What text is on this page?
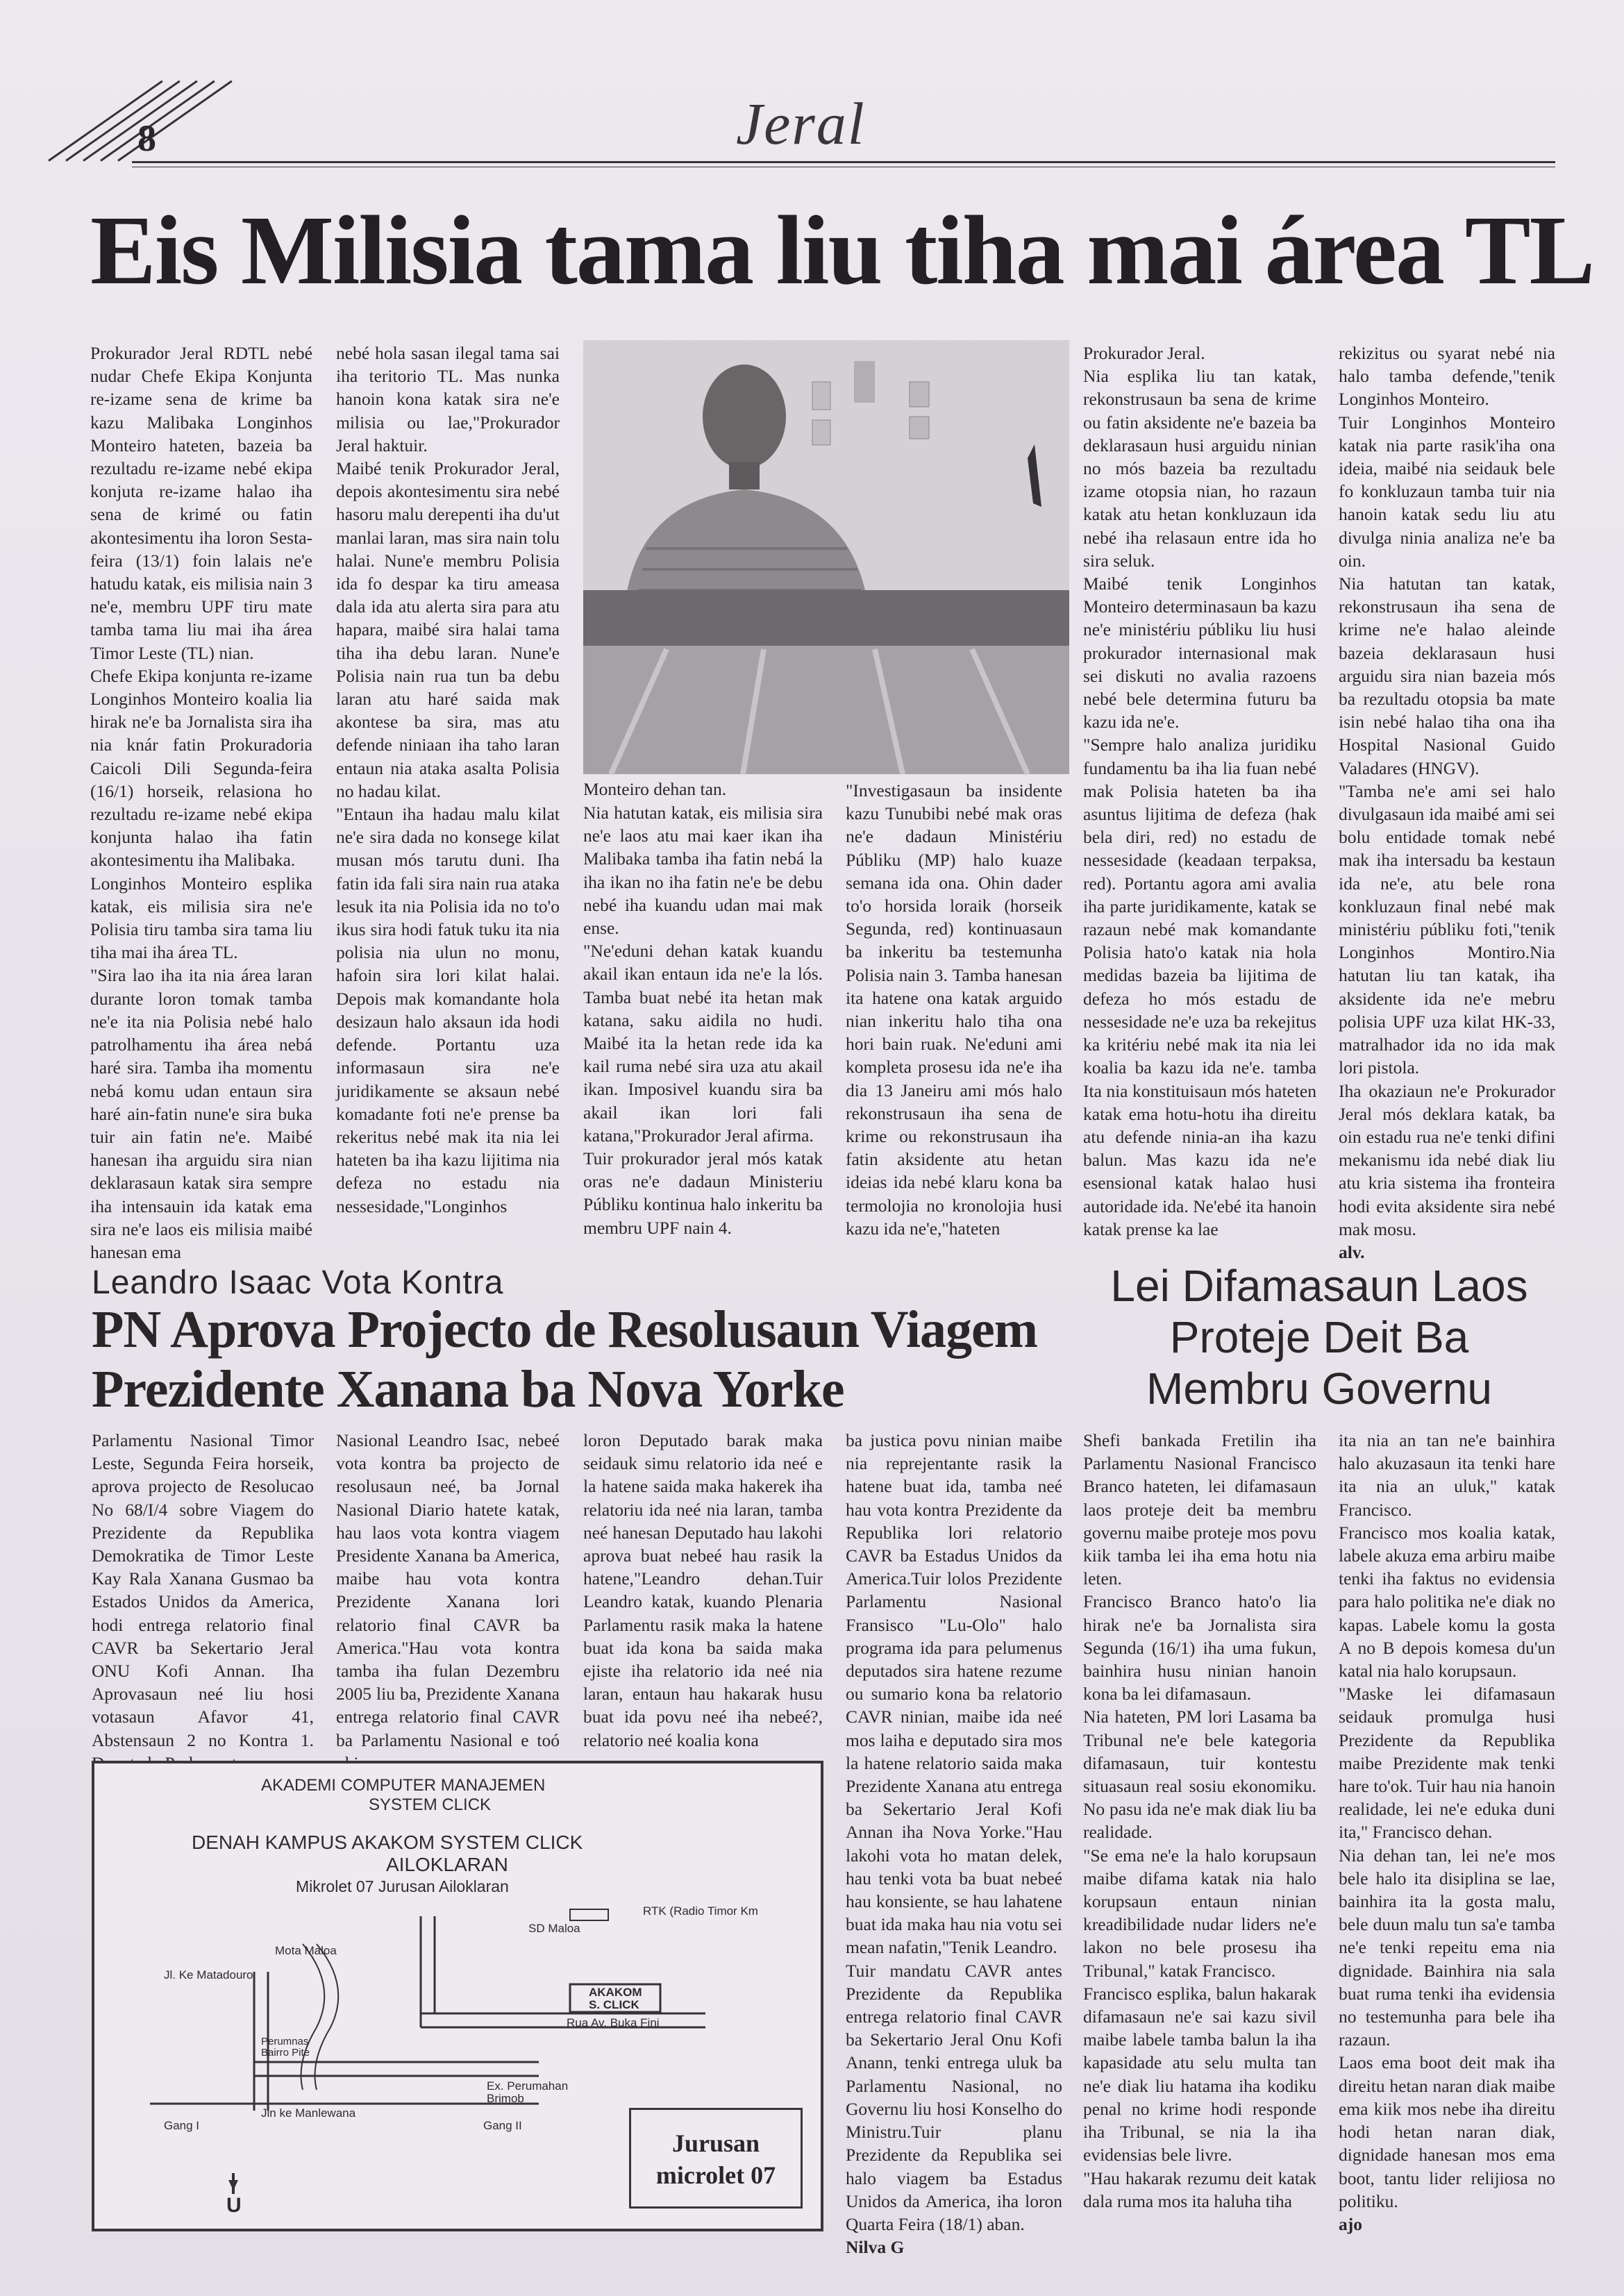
8	Jeral
Eis Milisia tama liu tiha mai área TL

Prokurador Jeral RDTL nebé nudar Chefe Ekipa Konjunta re-izame sena de krime ba kazu Malibaka Longinhos Monteiro hateten, bazeia ba rezultadu re-izame nebé ekipa konjuta re-izame halao iha sena de krimé ou fatin akontesimentu iha loron Sesta-feira (13/1) foin lalais ne'e hatudu katak, eis milisia nain 3 ne'e, membru UPF tiru mate tamba tama liu mai iha área Timor Leste (TL) nian.
Chefe Ekipa konjunta re-izame Longinhos Monteiro koalia lia hirak ne'e ba Jornalista sira iha nia knár fatin Prokuradoria Caicoli Dili Segunda-feira (16/1) horseik, relasiona ho rezultadu re-izame nebé ekipa konjunta halao iha fatin akontesimentu iha Malibaka.
Longinhos Monteiro esplika katak, eis milisia sira ne'e Polisia tiru tamba sira tama liu tiha mai iha área TL.
"Sira lao iha ita nia área laran durante loron tomak tamba ne'e ita nia Polisia nebé halo patrolhamentu iha área nebá haré sira. Tamba iha momentu nebá komu udan entaun sira haré ain-fatin nune'e sira buka tuir ain fatin ne'e. Maibé hanesan iha arguidu sira nian deklarasaun katak sira sempre iha intensauin ida katak ema sira ne'e laos eis milisia maibé hanesan ema

nebé hola sasan ilegal tama sai iha teritorio TL. Mas nunka hanoin kona katak sira ne'e milisia ou lae,"Prokurador Jeral haktuir.
Maibé tenik Prokurador Jeral, depois akontesimentu sira nebé hasoru malu derepenti iha du'ut manlai laran, mas sira nain tolu halai. Nune'e membru Polisia ida fo despar ka tiru ameasa dala ida atu alerta sira para atu hapara, maibé sira halai tama tiha iha debu laran. Nune'e Polisia nain rua tun ba debu laran atu haré saida mak akontese ba sira, mas atu defende niniaan iha taho laran entaun nia ataka asalta Polisia no hadau kilat.
"Entaun iha hadau malu kilat ne'e sira dada no konsege kilat musan mós tarutu duni. Iha fatin ida fali sira nain rua ataka lesuk ita nia Polisia ida no to'o ikus sira hodi fatuk tuku ita nia polisia nia ulun no monu, hafoin sira lori kilat halai. Depois mak komandante hola desizaun halo aksaun ida hodi defende. Portantu uza informasaun sira ne'e juridikamente se aksaun nebé komadante foti ne'e prense ba rekeritus nebé mak ita nia lei hateten ba iha kazu lijitima nia defeza no estadu nia nessesidade,"Longinhos

Monteiro dehan tan.

Nia hatutan katak, eis milisia sira ne'e laos atu mai kaer ikan iha Malibaka tamba iha fatin nebá la iha ikan no iha fatin ne'e be debu nebé iha kuandu udan mai mak ense.
"Ne'eduni dehan katak kuandu akail ikan entaun ida ne'e la lós. Tamba buat nebé ita hetan mak katana, saku aidila no hudi. Maibé ita la hetan rede ida ka kail ruma nebé sira uza atu akail ikan. Imposivel kuandu sira ba akail ikan lori fali katana,"Prokurador Jeral afirma.
Tuir prokurador jeral mós katak oras ne'e dadaun Ministeriu Públiku kontinua halo inkeritu ba membru UPF nain 4.

"Investigasaun ba insidente kazu Tunubibi nebé mak oras ne'e dadaun Ministériu Públiku (MP) halo kuaze semana ida ona. Ohin dader to'o horsida loraik (horseik Segunda, red) kontinuasaun ba inkeritu ba testemunha Polisia nain 3. Tamba hanesan ita hatene ona katak arguido nian inkeritu halo tiha ona hori bain ruak. Ne'eduni ami kompleta prosesu ida ne'e iha dia 13 Janeiru ami mós halo rekonstrusaun iha sena de krime ou rekonstrusaun iha fatin aksidente atu hetan ideias ida nebé klaru kona ba termolojia no kronolojia husi kazu ida ne'e,"hateten

Prokurador Jeral.
Nia esplika liu tan katak, rekonstrusaun ba sena de krime ou fatin aksidente ne'e bazeia ba deklarasaun husi arguidu ninian no mós bazeia ba rezultadu izame otopsia nian, ho razaun katak atu hetan konkluzaun ida nebé iha relasaun entre ida ho sira seluk.
Maibé tenik Longinhos Monteiro determinasaun ba kazu ne'e ministériu públiku liu husi prokurador internasional mak sei diskuti no avalia razoens nebé bele determina futuru ba kazu ida ne'e.
"Sempre halo analiza juridiku fundamentu ba iha lia fuan nebé mak Polisia hateten ba iha asuntus lijitima de defeza (hak bela diri, red) no estadu de nessesidade (keadaan terpaksa, red). Portantu agora ami avalia iha parte juridikamente, katak se razaun nebé mak komandante Polisia hato'o katak nia hola medidas bazeia ba lijitima de defeza ho mós estadu de nessesidade ne'e uza ba rekejitus ka kritériu nebé mak ita nia lei koalia ba kazu ida ne'e. tamba Ita nia konstituisaun mós hateten katak ema hotu-hotu iha direitu atu defende ninia-an iha kazu balun. Mas kazu ida ne'e esensional katak halao husi autoridade ida. Ne'ebé ita hanoin katak prense ka lae

rekizitus ou syarat nebé nia halo tamba defende,"tenik Longinhos Monteiro.
Tuir Longinhos Monteiro katak nia parte rasik'iha ona ideia, maibé nia seidauk bele fo konkluzaun tamba tuir nia hanoin katak sedu liu atu divulga ninia analiza ne'e ba oin.
Nia hatutan tan katak, rekonstrusaun iha sena de krime ne'e halao aleinde bazeia deklarasaun husi arguidu sira nian bazeia mós ba rezultadu otopsia ba mate isin nebé halao tiha ona iha Hospital Nasional Guido Valadares (HNGV).
"Tamba ne'e ami sei halo divulgasaun ida maibé ami sei bolu entidade tomak nebé mak iha intersadu ba kestaun ida ne'e, atu bele rona konkluzaun final nebé mak ministériu públiku foti,"tenik Longinhos Montiro.Nia hatutan liu tan katak, iha aksidente ida ne'e mebru polisia UPF uza kilat HK-33, matralhador ida no ida mak lori pistola.
Iha okaziaun ne'e Prokurador Jeral mós deklara katak, ba oin estadu rua ne'e tenki difini mekanismu ida nebé diak liu atu kria sistema iha fronteira hodi evita aksidente sira nebé mak mosu.

alv.
Leandro Isaac Vota Kontra
PN Aprova Projecto de Resolusaun Viagem Prezidente Xanana ba Nova Yorke

Parlamentu Nasional Timor Leste, Segunda Feira horseik, aprova projecto de Resolucao No 68/I/4 sobre Viagem do Prezidente da Republika Demokratika de Timor Leste Kay Rala Xanana Gusmao ba Estados Unidos da America, hodi entrega relatorio final CAVR ba Sekertario Jeral ONU Kofi Annan. Iha Aprovasaun neé liu hosi votasaun Afavor 41, Abstensaun 2 no Kontra 1.

Nasional Leandro Isac, nebeé vota kontra ba projecto de resolusaun neé, ba Jornal Nasional Diario hatete katak, hau laos vota kontra viagem Presidente Xanana ba America, maibe hau vota kontra Prezidente Xanana lori relatorio final CAVR ba America."Hau vota kontra tamba iha fulan Dezembru 2005 liu ba, Prezidente Xanana entrega relatorio final CAVR ba Parlamentu Nasional e toó

loron Deputado barak maka seidauk simu relatorio ida neé e la hatene saida maka hakerek iha relatoriu ida neé nia laran, tamba neé hanesan Deputado hau lakohi aprova buat nebeé hau rasik la hatene,"Leandro dehan.Tuir Leandro katak, kuando Plenaria Parlamentu rasik maka la hatene buat ida kona ba saida maka ejiste iha relatorio ida neé nia laran, entaun hau hakarak husu buat ida povu neé iha nebeé?, relatorio neé koalia kona

ba justica povu ninian maibe nia reprejentante rasik la hatene buat ida, tamba neé hau vota kontra Prezidente da Republika lori relatorio CAVR ba Estadus Unidos da America.Tuir lolos Prezidente Parlamentu Nasional Fransisco "Lu-Olo" halo programa ida para pelumenus deputados sira hatene rezume ou sumario kona ba relatorio CAVR ninian, maibe ida neé mos laiha e deputado sira mos la hatene relatorio saida maka Prezidente Xanana atu entrega ba Sekertario Jeral Kofi Annan iha Nova Yorke."Hau lakohi vota ho matan delek, hau tenki vota ba buat nebeé hau konsiente, se hau lahatene buat ida maka hau nia votu sei mean nafatin,"Tenik Leandro.
Tuir mandatu CAVR antes Prezidente da Republika entrega relatorio final CAVR ba Sekertario Jeral Onu Kofi Anann, tenki entrega uluk ba Parlamentu Nasional, no Governu liu hosi Konselho do Ministru.Tuir planu Prezidente da Republika sei halo viagem ba Estadus Unidos da America, iha loron Quarta Feira (18/1) aban.

Nilva G
AKADEMI COMPUTER MANAJEMEN
SYSTEM CLICK
DENAH KAMPUS AKAKOM SYSTEM CLICK
AILOKLARAN
Mikrolet 07 Jurusan Ailoklaran
RTK (Radio Timor Km
SD Maloa
Mota Maloa
Jl. Ke Matadouro
AKAKOM
S. CLICK
Rua Av. Buka Fini
Perumnas
Bairro Pite
Ex. Perumahan
Brimob
Jln ke Manlewana
Gang I	Gang II
U
Jurusan
microlet 07
Lei Difamasaun Laos Proteje Deit Ba Membru Governu

Shefi bankada Fretilin iha Parlamentu Nasional Francisco Branco hateten, lei difamasaun laos proteje deit ba membru governu maibe proteje mos povu kiik tamba lei iha ema hotu nia leten.
Francisco Branco hato'o lia hirak ne'e ba Jornalista sira Segunda (16/1) iha uma fukun, bainhira husu ninian hanoin kona ba lei difamasaun.
Nia hateten, PM lori Lasama ba Tribunal ne'e bele kategoria difamasaun, tuir kontestu situasaun real sosiu ekonomiku. No pasu ida ne'e mak diak liu ba realidade.
"Se ema ne'e la halo korupsaun maibe difama katak nia halo korupsaun entaun ninian kreadibilidade nudar liders ne'e lakon no bele prosesu iha Tribunal," katak Francisco.
Francisco esplika, balun hakarak difamasaun ne'e sai kazu sivil maibe labele tamba balun la iha kapasidade atu selu multa tan ne'e diak liu hatama iha kodiku penal no krime hodi responde iha Tribunal, se nia la iha evidensias bele livre.
"Hau hakarak rezumu deit katak dala ruma mos ita haluha tiha

ita nia an tan ne'e bainhira halo akuzasaun ita tenki hare ita nia an uluk," katak Francisco.
Francisco mos koalia katak, labele akuza ema arbiru maibe tenki iha faktus no evidensia para halo politika ne'e diak no kapas. Labele komu la gosta A no B depois komesa du'un katal nia halo korupsaun.
"Maske lei difamasaun seidauk promulga husi Prezidente da Republika maibe Prezidente mak tenki hare to'ok. Tuir hau nia hanoin realidade, lei ne'e eduka duni ita," Francisco dehan.
Nia dehan tan, lei ne'e mos bele halo ita disiplina se lae, bainhira ita la gosta malu, bele duun malu tun sa'e tamba ne'e tenki repeitu ema nia dignidade. Bainhira nia sala buat ruma tenki iha evidensia no testemunha para bele iha razaun.
Laos ema boot deit mak iha direitu hetan naran diak maibe ema kiik mos nebe iha direitu hodi hetan naran diak, dignidade hanesan mos ema boot, tantu lider relijiosa no politiku.

ajo
